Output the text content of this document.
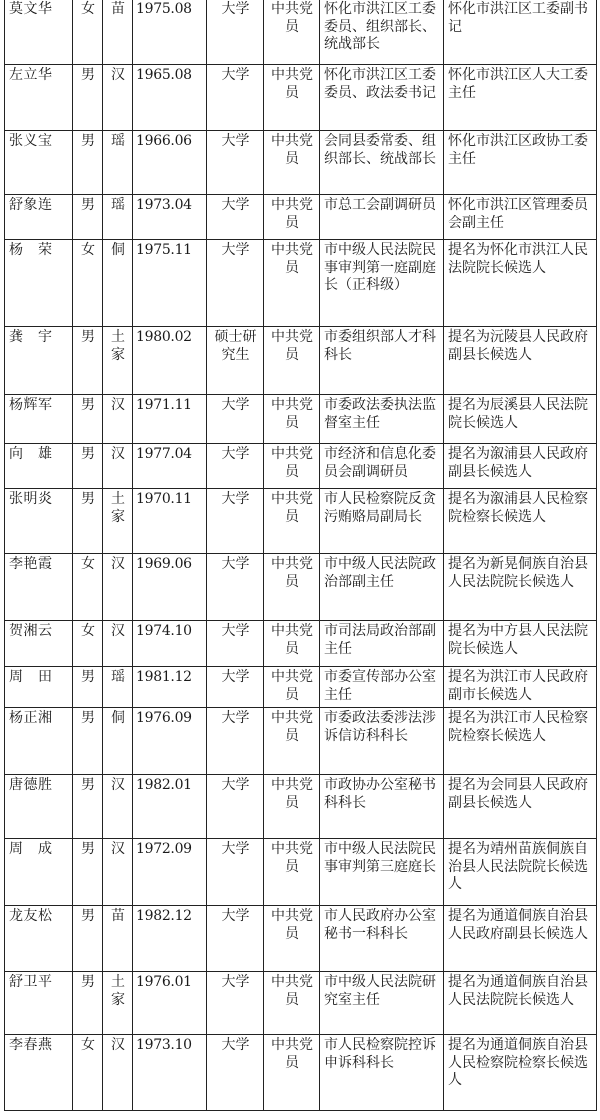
莫文华	女	苗	1975.08	大学	中共党员	怀化市洪江区工委委员、组织部长、统战部长	怀化市洪江区工委副书记
左立华	男	汉	1965.08	大学	中共党员	怀化市洪江区工委委员、政法委书记	怀化市洪江区人大工委主任
张义宝	男	瑶	1966.06	大学	中共党员	会同县委常委、组织部长、统战部长	怀化市洪江区政协工委主任
舒象连	男	瑶	1973.04	大学	中共党员	市总工会副调研员	怀化市洪江区管理委员会副主任
杨　荣	女	侗	1975.11	大学	中共党员	市中级人民法院民事审判第一庭副庭长（正科级）	提名为怀化市洪江人民法院院长候选人
龚　宇	男	土家	1980.02	硕士研究生	中共党员	市委组织部人才科科长	提名为沅陵县人民政府副县长候选人
杨辉军	男	汉	1971.11	大学	中共党员	市委政法委执法监督室主任	提名为辰溪县人民法院院长候选人
向　雄	男	汉	1977.04	大学	中共党员	市经济和信息化委员会副调研员	提名为溆浦县人民政府副县长候选人
张明炎	男	土家	1970.11	大学	中共党员	市人民检察院反贪污贿赂局副局长	提名为溆浦县人民检察院检察长候选人
李艳霞	女	汉	1969.06	大学	中共党员	市中级人民法院政治部副主任	提名为新晃侗族自治县人民法院院长候选人
贺湘云	女	汉	1974.10	大学	中共党员	市司法局政治部副主任	提名为中方县人民法院院长候选人
周　田	男	瑶	1981.12	大学	中共党员	市委宣传部办公室主任	提名为洪江市人民政府副市长候选人
杨正湘	男	侗	1976.09	大学	中共党员	市委政法委涉法涉诉信访科科长	提名为洪江市人民检察院检察长候选人
唐德胜	男	汉	1982.01	大学	中共党员	市政协办公室秘书科科长	提名为会同县人民政府副县长候选人
周　成	男	汉	1972.09	大学	中共党员	市中级人民法院民事审判第三庭庭长	提名为靖州苗族侗族自治县人民法院院长候选人
龙友松	男	苗	1982.12	大学	中共党员	市人民政府办公室秘书一科科长	提名为通道侗族自治县人民政府副县长候选人
舒卫平	男	土家	1976.01	大学	中共党员	市中级人民法院研究室主任	提名为通道侗族自治县人民法院院长候选人
李春燕	女	汉	1973.10	大学	中共党员	市人民检察院控诉申诉科科长	提名为通道侗族自治县人民检察院检察长候选人
